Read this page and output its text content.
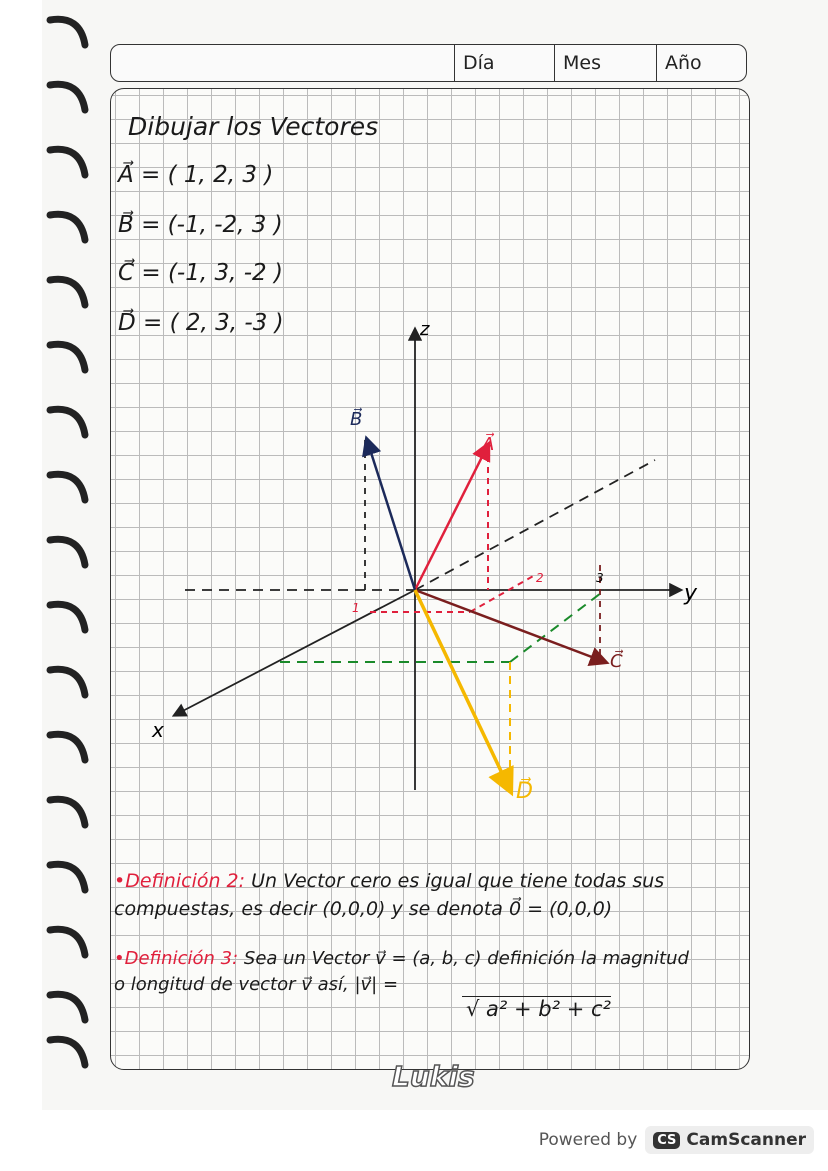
Día	Mes	Año
Dibujar los Vectores
A⃗ = ( 1, 2, 3 )
B⃗ = (-1, -2, 3 )
C⃗ = (-1, 3, -2 )
D⃗ = ( 2, 3, -3 )	z
y
x
A⃗
B⃗
C⃗
D⃗
2	3
1
•Definición 2: Un Vector cero es igual que tiene todas sus
compuestas, es decir (0,0,0) y se denota 0⃗ = (0,0,0)
•Definición 3: Sea un Vector v⃗ = (a, b, c) definición la magnitud
o longitud de vector v⃗ así, |v⃗| =
√ a² + b² + c²
Lukis
Powered by	CS CamScanner
